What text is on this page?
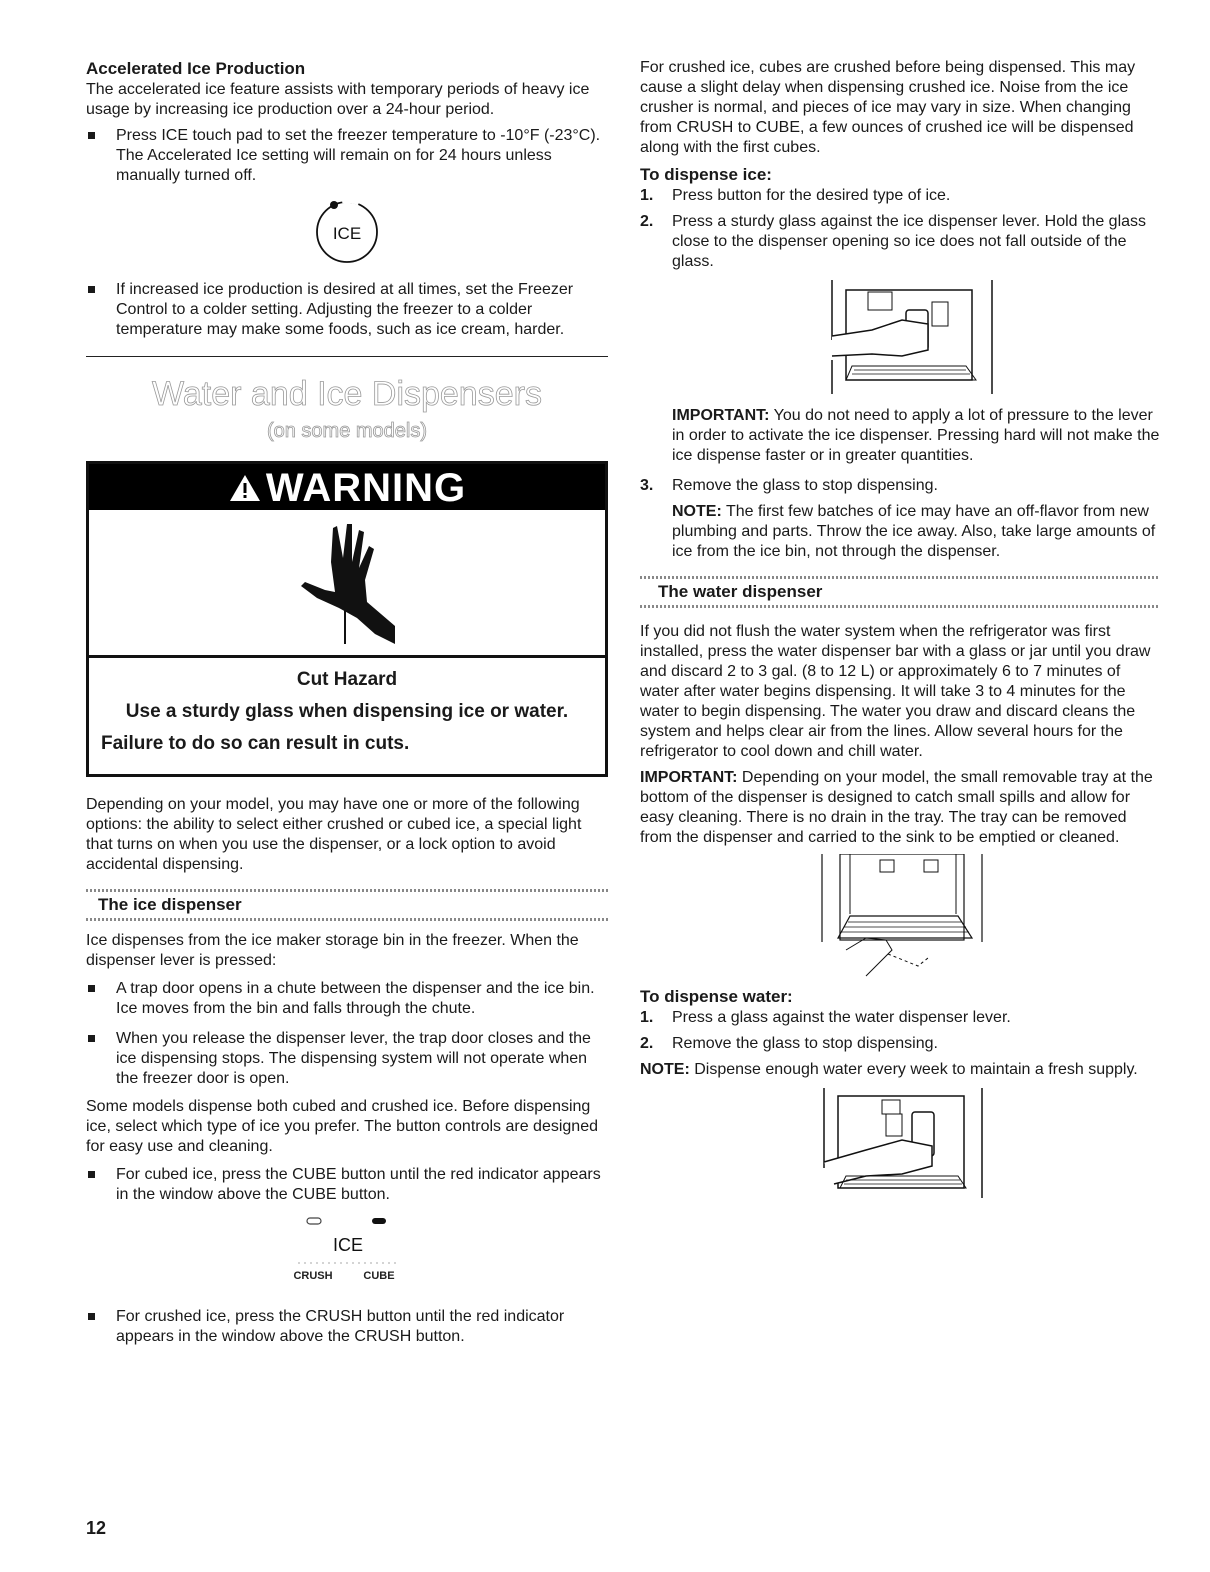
Accelerated Ice Production

The accelerated ice feature assists with temporary periods of heavy ice usage by increasing ice production over a 24-hour period.

Press ICE touch pad to set the freezer temperature to -10°F (-23°C). The Accelerated Ice setting will remain on for 24 hours unless manually turned off.
ICE
If increased ice production is desired at all times, set the Freezer Control to a colder setting. Adjusting the freezer to a colder temperature may make some foods, such as ice cream, harder.
Water and Ice Dispensers
(on some models)
WARNING
Cut Hazard
Use a sturdy glass when dispensing ice or water.
Failure to do so can result in cuts.

Depending on your model, you may have one or more of the following options: the ability to select either crushed or cubed ice, a special light that turns on when you use the dispenser, or a lock option to avoid accidental dispensing.

The ice dispenser

Ice dispenses from the ice maker storage bin in the freezer. When the dispenser lever is pressed:

A trap door opens in a chute between the dispenser and the ice bin. Ice moves from the bin and falls through the chute.
When you release the dispenser lever, the trap door closes and the ice dispensing stops. The dispensing system will not operate when the freezer door is open.

Some models dispense both cubed and crushed ice. Before dispensing ice, select which type of ice you prefer. The button controls are designed for easy use and cleaning.

For cubed ice, press the CUBE button until the red indicator appears in the window above the CUBE button.
ICE
CRUSH	CUBE
For crushed ice, press the CRUSH button until the red indicator appears in the window above the CRUSH button.

For crushed ice, cubes are crushed before being dispensed. This may cause a slight delay when dispensing crushed ice. Noise from the ice crusher is normal, and pieces of ice may vary in size. When changing from CRUSH to CUBE, a few ounces of crushed ice will be dispensed along with the first cubes.

To dispense ice:
1. Press button for the desired type of ice.
2. Press a sturdy glass against the ice dispenser lever. Hold the glass close to the dispenser opening so ice does not fall outside of the glass.
IMPORTANT: You do not need to apply a lot of pressure to the lever in order to activate the ice dispenser. Pressing hard will not make the ice dispense faster or in greater quantities.
3. Remove the glass to stop dispensing.
NOTE: The first few batches of ice may have an off-flavor from new plumbing and parts. Throw the ice away. Also, take large amounts of ice from the ice bin, not through the dispenser.
The water dispenser

If you did not flush the water system when the refrigerator was first installed, press the water dispenser bar with a glass or jar until you draw and discard 2 to 3 gal. (8 to 12 L) or approximately 6 to 7 minutes of water after water begins dispensing. It will take 3 to 4 minutes for the water to begin dispensing. The water you draw and discard cleans the system and helps clear air from the lines. Allow several hours for the refrigerator to cool down and chill water.

IMPORTANT: Depending on your model, the small removable tray at the bottom of the dispenser is designed to catch small spills and allow for easy cleaning. There is no drain in the tray. The tray can be removed from the dispenser and carried to the sink to be emptied or cleaned.

To dispense water:
1. Press a glass against the water dispenser lever.
2. Remove the glass to stop dispensing.

NOTE: Dispense enough water every week to maintain a fresh supply.

12
